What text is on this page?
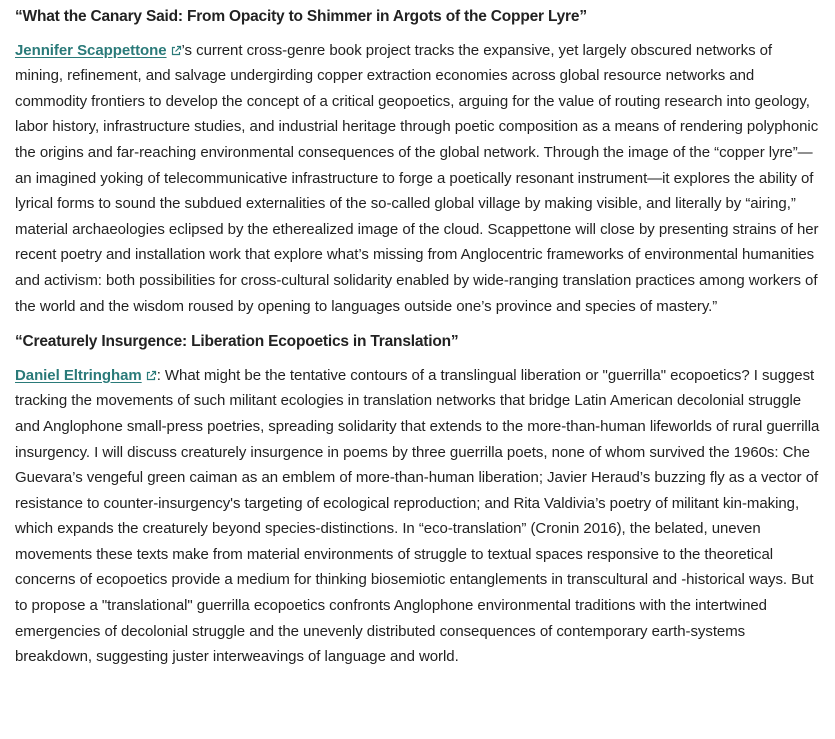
“What the Canary Said: From Opacity to Shimmer in Argots of the Copper Lyre”

Jennifer Scappettone ’s current cross-genre book project tracks the expansive, yet largely obscured networks of mining, refinement, and salvage undergirding copper extraction economies across global resource networks and commodity frontiers to develop the concept of a critical geopoetics, arguing for the value of routing research into geology, labor history, infrastructure studies, and industrial heritage through poetic composition as a means of rendering polyphonic the origins and far-reaching environmental consequences of the global network. Through the image of the “copper lyre”—an imagined yoking of telecommunicative infrastructure to forge a poetically resonant instrument—it explores the ability of lyrical forms to sound the subdued externalities of the so-called global village by making visible, and literally by “airing,” material archaeologies eclipsed by the etherealized image of the cloud. Scappettone will close by presenting strains of her recent poetry and installation work that explore what’s missing from Anglocentric frameworks of environmental humanities and activism: both possibilities for cross-cultural solidarity enabled by wide-ranging translation practices among workers of the world and the wisdom roused by opening to languages outside one’s province and species of mastery.”

“Creaturely Insurgence: Liberation Ecopoetics in Translation”

Daniel Eltringham : What might be the tentative contours of a translingual liberation or "guerrilla" ecopoetics? I suggest tracking the movements of such militant ecologies in translation networks that bridge Latin American decolonial struggle and Anglophone small-press poetries, spreading solidarity that extends to the more-than-human lifeworlds of rural guerrilla insurgency. I will discuss creaturely insurgence in poems by three guerrilla poets, none of whom survived the 1960s: Che Guevara’s vengeful green caiman as an emblem of more-than-human liberation; Javier Heraud’s buzzing fly as a vector of resistance to counter-insurgency's targeting of ecological reproduction; and Rita Valdivia’s poetry of militant kin-making, which expands the creaturely beyond species-distinctions. In “eco-translation” (Cronin 2016), the belated, uneven movements these texts make from material environments of struggle to textual spaces responsive to the theoretical concerns of ecopoetics provide a medium for thinking biosemiotic entanglements in transcultural and -historical ways. But to propose a "translational" guerrilla ecopoetics confronts Anglophone environmental traditions with the intertwined emergencies of decolonial struggle and the unevenly distributed consequences of contemporary earth-systems breakdown, suggesting juster interweavings of language and world.
